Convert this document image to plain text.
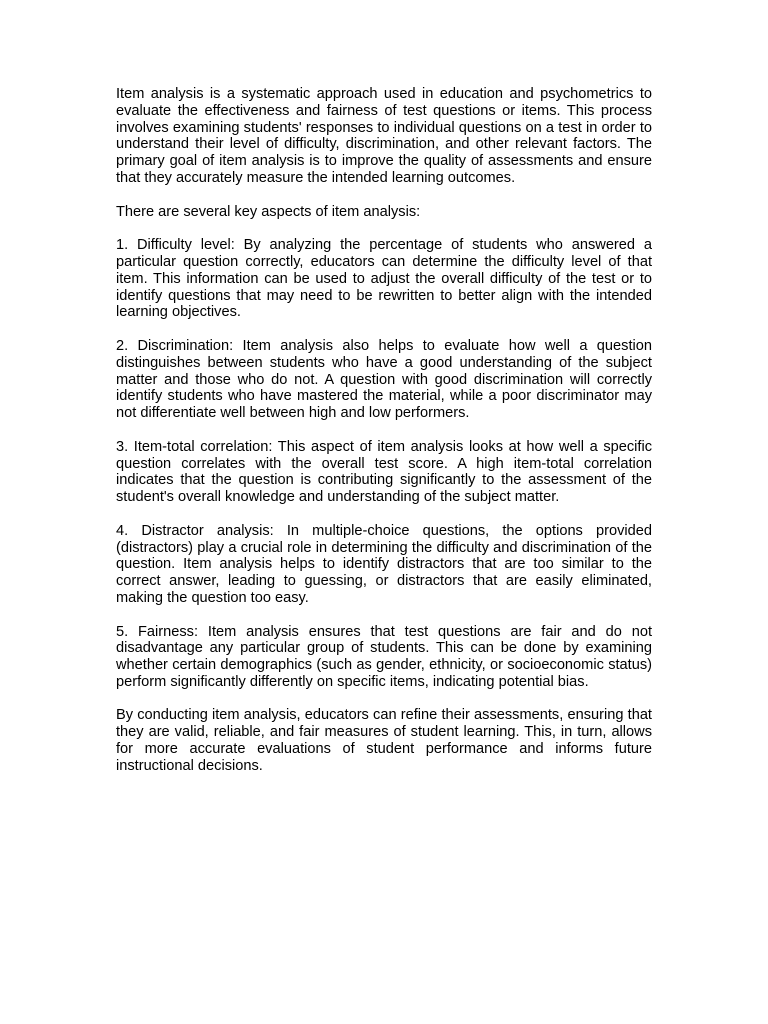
Item analysis is a systematic approach used in education and psychometrics to evaluate the effectiveness and fairness of test questions or items. This process involves examining students' responses to individual questions on a test in order to understand their level of difficulty, discrimination, and other relevant factors. The primary goal of item analysis is to improve the quality of assessments and ensure that they accurately measure the intended learning outcomes.

There are several key aspects of item analysis:

1. Difficulty level: By analyzing the percentage of students who answered a particular question correctly, educators can determine the difficulty level of that item. This information can be used to adjust the overall difficulty of the test or to identify questions that may need to be rewritten to better align with the intended learning objectives.

2. Discrimination: Item analysis also helps to evaluate how well a question distinguishes between students who have a good understanding of the subject matter and those who do not. A question with good discrimination will correctly identify students who have mastered the material, while a poor discriminator may not differentiate well between high and low performers.

3. Item-total correlation: This aspect of item analysis looks at how well a specific question correlates with the overall test score. A high item-total correlation indicates that the question is contributing significantly to the assessment of the student's overall knowledge and understanding of the subject matter.

4. Distractor analysis: In multiple-choice questions, the options provided (distractors) play a crucial role in determining the difficulty and discrimination of the question. Item analysis helps to identify distractors that are too similar to the correct answer, leading to guessing, or distractors that are easily eliminated, making the question too easy.

5. Fairness: Item analysis ensures that test questions are fair and do not disadvantage any particular group of students. This can be done by examining whether certain demographics (such as gender, ethnicity, or socioeconomic status) perform significantly differently on specific items, indicating potential bias.

By conducting item analysis, educators can refine their assessments, ensuring that they are valid, reliable, and fair measures of student learning. This, in turn, allows for more accurate evaluations of student performance and informs future instructional decisions.
